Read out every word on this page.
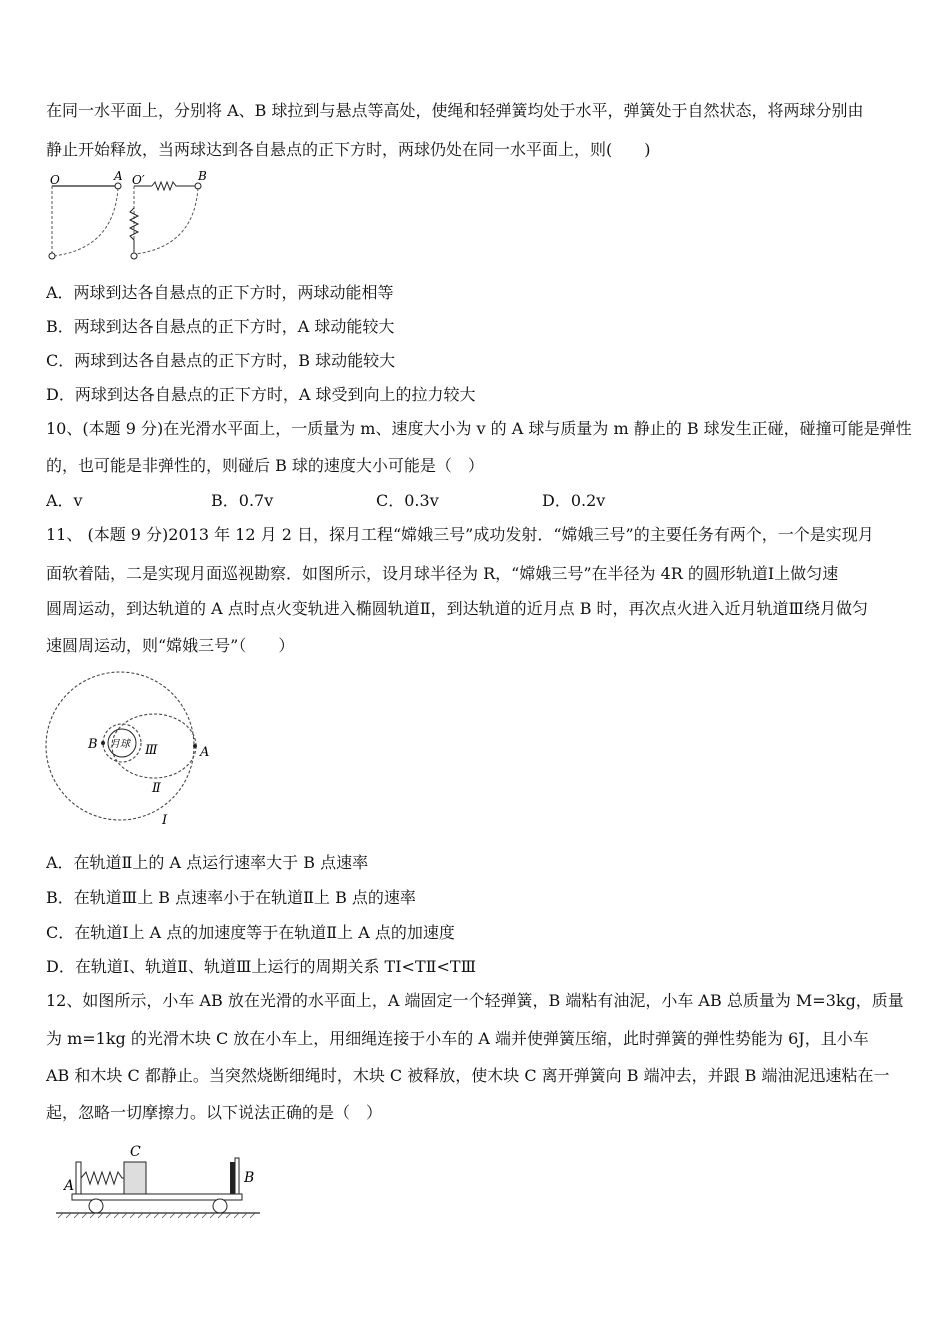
在同一水平面上，分别将 A、B 球拉到与悬点等高处，使绳和轻弹簧均处于水平，弹簧处于自然状态，将两球分别由
静止开始释放，当两球达到各自悬点的正下方时，两球仍处在同一水平面上，则(　　)
O	A O′	B
A．两球到达各自悬点的正下方时，两球动能相等
B．两球到达各自悬点的正下方时，A 球动能较大
C．两球到达各自悬点的正下方时，B 球动能较大
D．两球到达各自悬点的正下方时，A 球受到向上的拉力较大
10、(本题 9 分)在光滑水平面上，一质量为 m、速度大小为 v 的 A 球与质量为 m 静止的 B 球发生正碰，碰撞可能是弹性
的，也可能是非弹性的，则碰后 B 球的速度大小可能是（　）
A．v	B．0.7v	C．0.3v	D．0.2v
11、 (本题 9 分)2013 年 12 月 2 日，探月工程“嫦娥三号”成功发射．“嫦娥三号”的主要任务有两个，一个是实现月
面软着陆，二是实现月面巡视勘察．如图所示，设月球半径为 R，“嫦娥三号”在半径为 4R 的圆形轨道Ⅰ上做匀速
圆周运动，到达轨道的 A 点时点火变轨进入椭圆轨道Ⅱ，到达轨道的近月点 B 时，再次点火进入近月轨道Ⅲ绕月做匀
速圆周运动，则“嫦娥三号”（　　）
月球
B	Ⅲ	A
Ⅱ
Ⅰ
A．在轨道Ⅱ上的 A 点运行速率大于 B 点速率
B．在轨道Ⅲ上 B 点速率小于在轨道Ⅱ上 B 点的速率
C．在轨道Ⅰ上 A 点的加速度等于在轨道Ⅱ上 A 点的加速度
D．在轨道Ⅰ、轨道Ⅱ、轨道Ⅲ上运行的周期关系 TⅠ<TⅡ<TⅢ
12、如图所示，小车 AB 放在光滑的水平面上，A 端固定一个轻弹簧，B 端粘有油泥，小车 AB 总质量为 M=3kg，质量
为 m=1kg 的光滑木块 C 放在小车上，用细绳连接于小车的 A 端并使弹簧压缩，此时弹簧的弹性势能为 6J，且小车
AB 和木块 C 都静止。当突然烧断细绳时，木块 C 被释放，使木块 C 离开弹簧向 B 端冲去，并跟 B 端油泥迅速粘在一
起，忽略一切摩擦力。以下说法正确的是（　）
C
A	B
